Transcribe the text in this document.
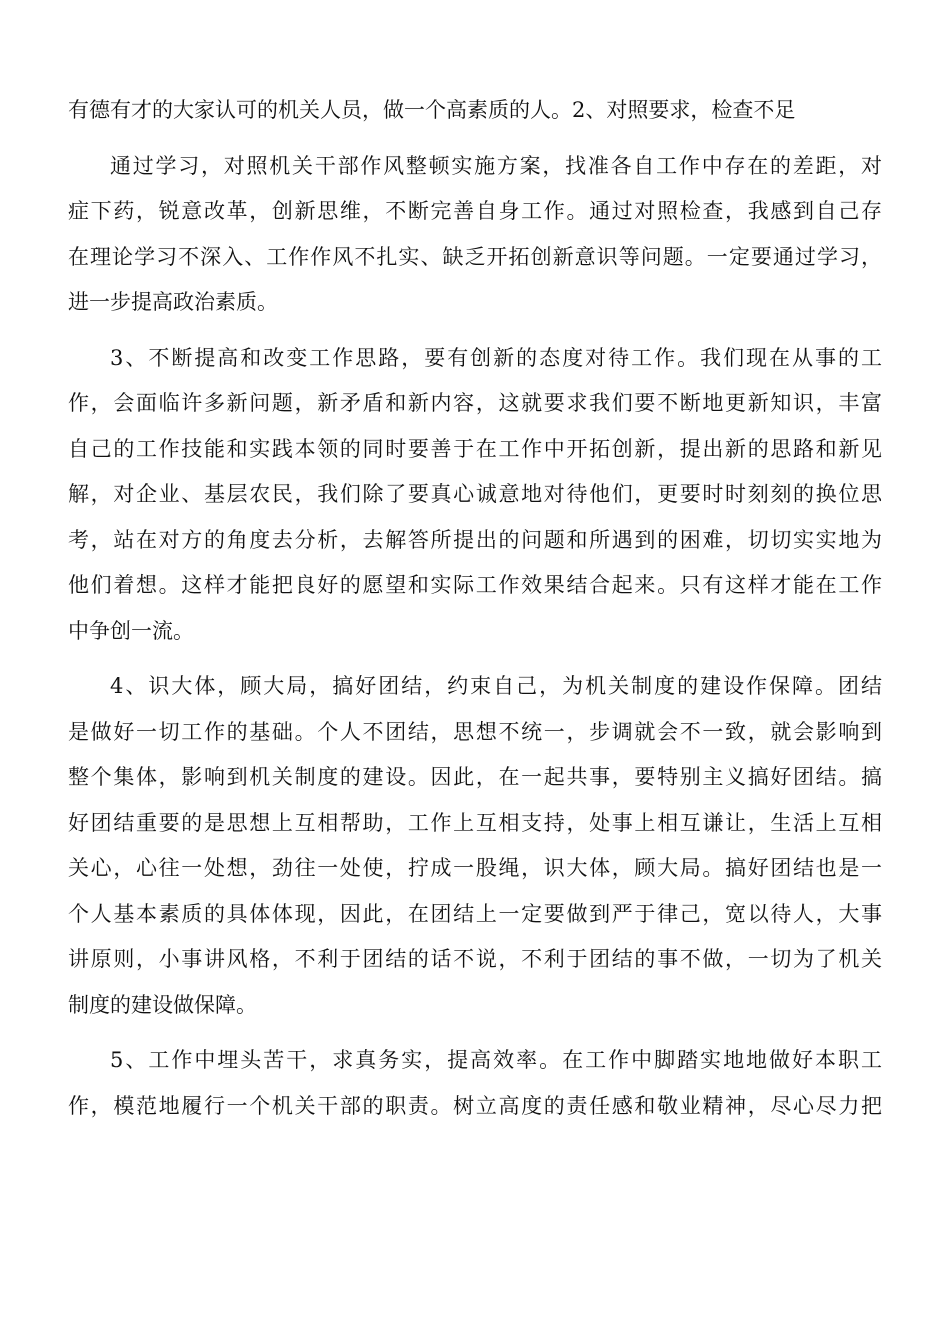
有德有才的大家认可的机关人员，做一个高素质的人。2、对照要求，检查不足
通过学习，对照机关干部作风整顿实施方案，找准各自工作中存在的差距，对
症下药，锐意改革，创新思维，不断完善自身工作。通过对照检查，我感到自己存
在理论学习不深入、工作作风不扎实、缺乏开拓创新意识等问题。一定要通过学习，
进一步提高政治素质。
3、不断提高和改变工作思路，要有创新的态度对待工作。我们现在从事的工
作，会面临许多新问题，新矛盾和新内容，这就要求我们要不断地更新知识，丰富
自己的工作技能和实践本领的同时要善于在工作中开拓创新，提出新的思路和新见
解，对企业、基层农民，我们除了要真心诚意地对待他们，更要时时刻刻的换位思
考，站在对方的角度去分析，去解答所提出的问题和所遇到的困难，切切实实地为
他们着想。这样才能把良好的愿望和实际工作效果结合起来。只有这样才能在工作
中争创一流。
4、识大体，顾大局，搞好团结，约束自己，为机关制度的建设作保障。团结
是做好一切工作的基础。个人不团结，思想不统一，步调就会不一致，就会影响到
整个集体，影响到机关制度的建设。因此，在一起共事，要特别主义搞好团结。搞
好团结重要的是思想上互相帮助，工作上互相支持，处事上相互谦让，生活上互相
关心，心往一处想，劲往一处使，拧成一股绳，识大体，顾大局。搞好团结也是一
个人基本素质的具体体现，因此，在团结上一定要做到严于律己，宽以待人，大事
讲原则，小事讲风格，不利于团结的话不说，不利于团结的事不做，一切为了机关
制度的建设做保障。
5、工作中埋头苦干，求真务实，提高效率。在工作中脚踏实地地做好本职工
作，模范地履行一个机关干部的职责。树立高度的责任感和敬业精神，尽心尽力把
